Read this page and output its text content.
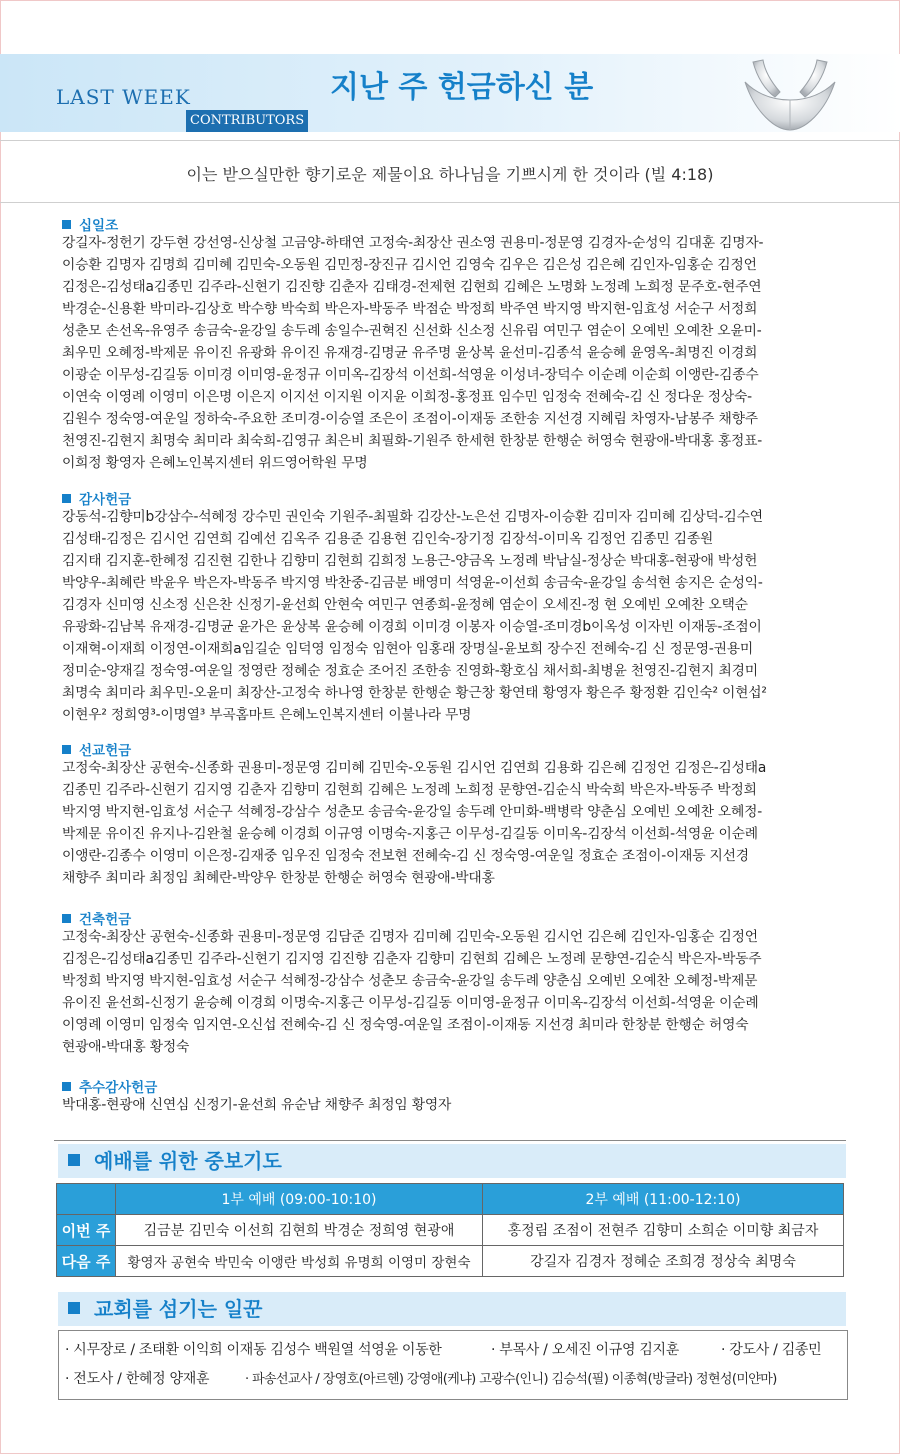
LAST WEEK
CONTRIBUTORS
지난 주 헌금하신 분
이는 받으실만한 향기로운 제물이요 하나님을 기쁘시게 한 것이라 (빌 4:18)
십일조
강길자-정헌기 강두현 강선영-신상철 고금양-하태연 고정숙-최장산 권소영 권용미-정문영 김경자-순성익 김대훈 김명자-
이승환 김명자 김명희 김미혜 김민숙-오동원 김민정-장진규 김시언 김영숙 김우은 김은성 김은혜 김인자-임홍순 김정언
김정은-김성태a김종민 김주라-신현기 김진향 김춘자 김태경-전제현 김현희 김혜은 노명화 노정례 노희정 문주호-현주연
박경순-신용환 박미라-김상호 박수향 박숙희 박은자-박동주 박점순 박정희 박주연 박지영 박지현-임효성 서순구 서정희
성춘모 손선옥-유영주 송금숙-윤강일 송두례 송일수-권혁진 신선화 신소정 신유림 여민구 염순이 오예빈 오예찬 오윤미-
최우민 오혜정-박제문 유이진 유광화 유이진 유재경-김명균 유주명 윤상복 윤선미-김종석 윤승혜 윤영옥-최명진 이경희
이광순 이무성-김길동 이미경 이미영-윤정규 이미옥-김장석 이선희-석영윤 이성녀-장덕수 이순례 이순희 이앵란-김종수
이연숙 이영례 이영미 이은명 이은지 이지선 이지원 이지윤 이희정-홍정표 임수민 임정숙 전혜숙-김 신 정다운 정상숙-
김원수 정숙영-여운일 정하숙-주요한 조미경-이승열 조은이 조점이-이재동 조한송 지선경 지혜림 차영자-남봉주 채향주
천영진-김현지 최명숙 최미라 최숙희-김영규 최은비 최필화-기원주 한세현 한창분 한행순 허영숙 현광애-박대홍 홍정표-
이희정 황영자 은혜노인복지센터 위드영어학원 무명
감사헌금
강동석-김향미b강삼수-석혜정 강수민 권인숙 기원주-최필화 김강산-노은선 김명자-이승환 김미자 김미혜 김상덕-김수연
김성태-김정은 김시언 김연희 김예선 김옥주 김용준 김용현 김인숙-장기정 김장석-이미옥 김정언 김종민 김종원
김지태 김지훈-한혜정 김진현 김한나 김향미 김현희 김희정 노용근-양금옥 노정례 박남실-정상순 박대홍-현광애 박성헌
박양우-최혜란 박윤우 박은자-박동주 박지영 박찬중-김금분 배영미 석영윤-이선희 송금숙-윤강일 송석현 송지은 순성익-
김경자 신미영 신소정 신은찬 신정기-윤선희 안현숙 여민구 연종희-윤정혜 염순이 오세진-정 현 오예빈 오예찬 오택순
유광화-김남복 유재경-김명균 윤가은 윤상복 윤승혜 이경희 이미경 이봉자 이승열-조미경b이옥성 이자빈 이재동-조점이
이재혁-이재희 이정연-이재희a임길순 임덕영 임정숙 임현아 임홍래 장명실-윤보희 장수진 전혜숙-김 신 정문영-권용미
정미순-양재길 정숙영-여운일 정영란 정혜순 정효순 조어진 조한송 진영화-황호심 채서희-최병윤 천영진-김현지 최경미
최명숙 최미라 최우민-오윤미 최장산-고정숙 하나영 한창분 한행순 황근창 황연태 황영자 황은주 황정환 김인숙² 이현섭²
이현우² 정희영³-이명열³ 부곡홈마트 은혜노인복지센터 이불나라 무명
선교헌금
고정숙-최장산 공현숙-신종화 권용미-정문영 김미혜 김민숙-오동원 김시언 김연희 김용화 김은혜 김정언 김정은-김성태a
김종민 김주라-신현기 김지영 김춘자 김향미 김현희 김혜은 노정례 노희정 문향연-김순식 박숙희 박은자-박동주 박정희
박지영 박지현-임효성 서순구 석혜정-강삼수 성춘모 송금숙-윤강일 송두례 안미화-백병락 양춘심 오예빈 오예찬 오혜정-
박제문 유이진 유지나-김완철 윤승혜 이경희 이규영 이명숙-지홍근 이무성-김길동 이미옥-김장석 이선희-석영윤 이순례
이앵란-김종수 이영미 이은정-김재중 임우진 임정숙 전보현 전혜숙-김 신 정숙영-여운일 정효순 조점이-이재동 지선경
채향주 최미라 최정임 최혜란-박양우 한창분 한행순 허영숙 현광애-박대홍
건축헌금
고정숙-최장산 공현숙-신종화 권용미-정문영 김담준 김명자 김미혜 김민숙-오동원 김시언 김은혜 김인자-임홍순 김정언
김정은-김성태a김종민 김주라-신현기 김지영 김진향 김춘자 김향미 김현희 김혜은 노정례 문향연-김순식 박은자-박동주
박정희 박지영 박지현-임효성 서순구 석혜정-강삼수 성춘모 송금숙-윤강일 송두례 양춘심 오예빈 오예찬 오혜정-박제문
유이진 윤선희-신정기 윤승혜 이경희 이명숙-지홍근 이무성-김길동 이미영-윤정규 이미옥-김장석 이선희-석영윤 이순례
이영례 이영미 임정숙 임지연-오신섭 전혜숙-김 신 정숙영-여운일 조점이-이재동 지선경 최미라 한창분 한행순 허영숙
현광애-박대홍 황정숙
추수감사헌금
박대홍-현광애 신연심 신정기-윤선희 유순남 채향주 최정임 황영자
예배를 위한 중보기도
	1부 예배 (09:00-10:10)	2부 예배 (11:00-12:10)
이번 주	김금분 김민숙 이선희 김현희 박경순 정희영 현광애	홍정림 조점이 전현주 김향미 소희순 이미향 최금자
다음 주	황영자 공현숙 박민숙 이앵란 박성희 유명희 이영미 장현숙	강길자 김경자 정혜순 조희경 정상숙 최명숙
교회를 섬기는 일꾼
· 시무장로 / 조태환 이익희 이재동 김성수 백원열 석영윤 이동한	· 부목사 / 오세진 이규영 김지훈	· 강도사 / 김종민
· 전도사 / 한혜정 양재훈	· 파송선교사 / 장영호(아르헨) 강영애(케냐) 고광수(인니) 김승석(필) 이종혁(방글라) 정현성(미얀마)
